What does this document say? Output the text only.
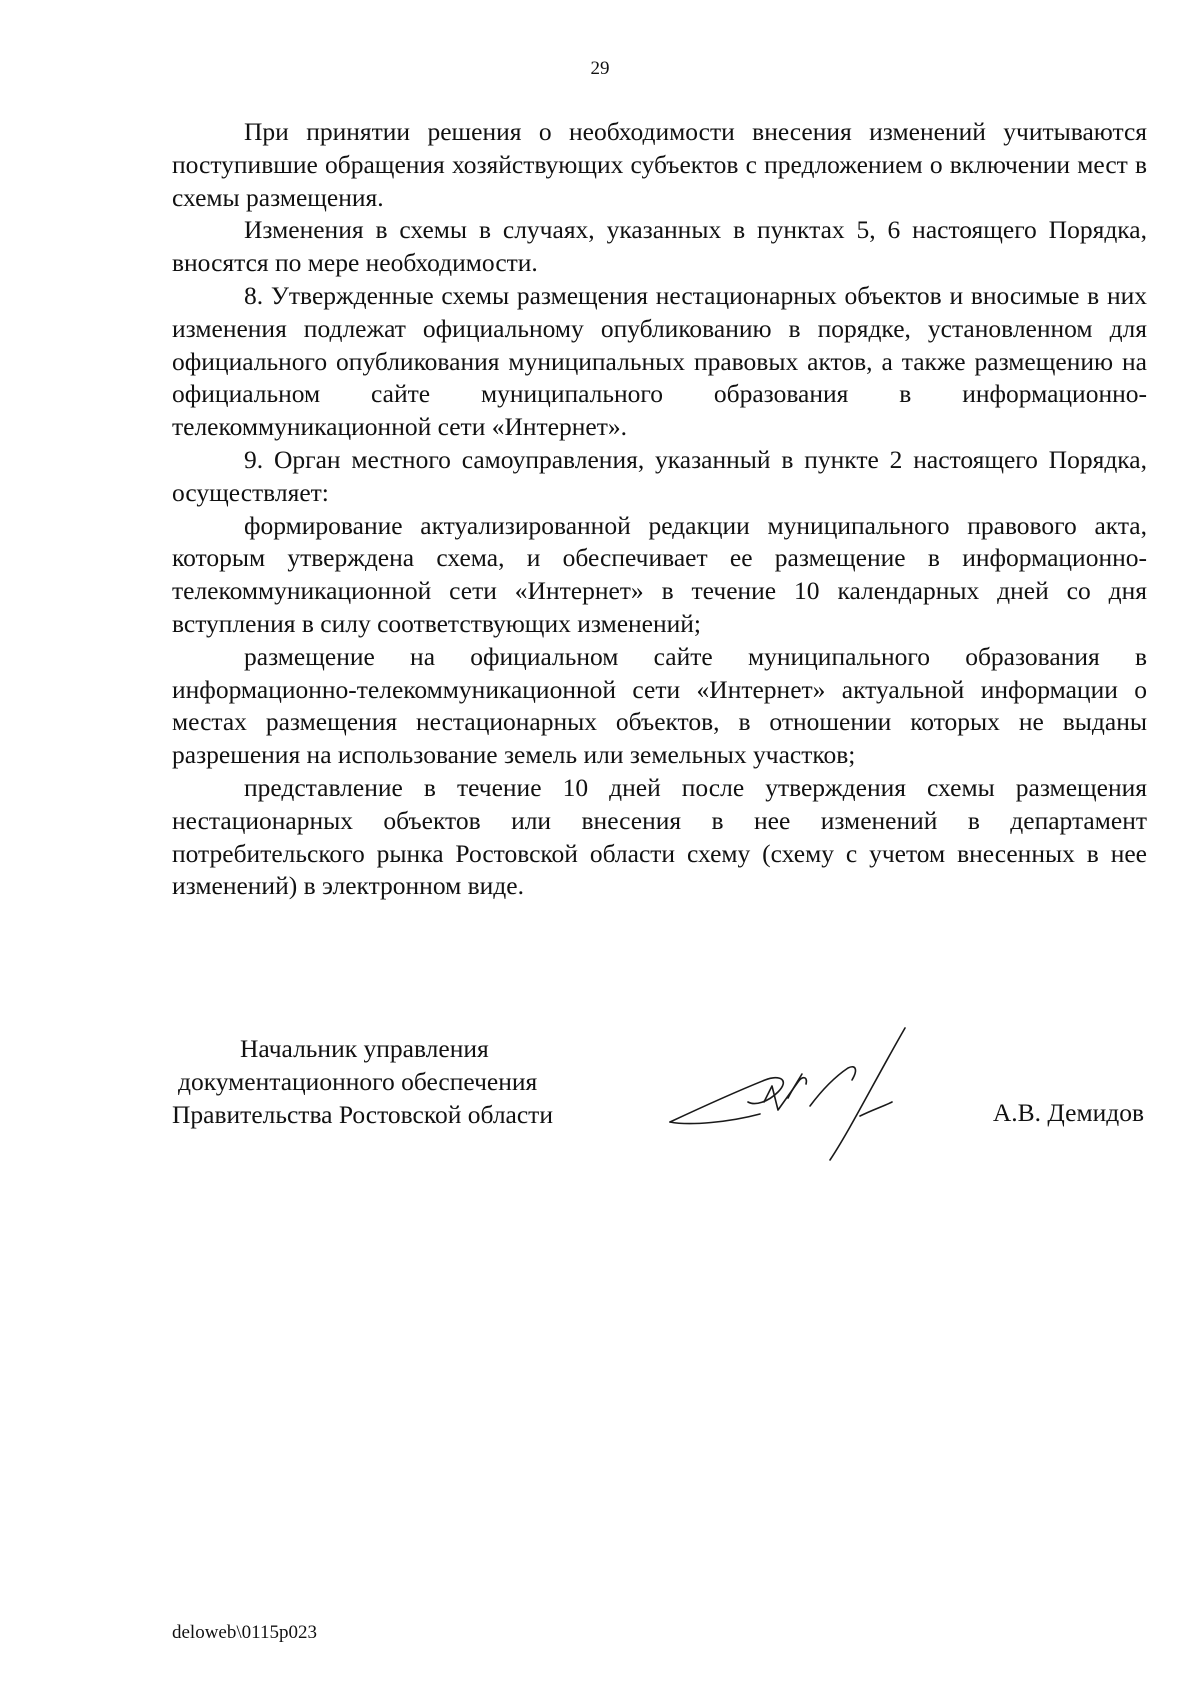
29

При принятии решения о необходимости внесения изменений учитываются поступившие обращения хозяйствующих субъектов с предложением о включении мест в схемы размещения.

Изменения в схемы в случаях, указанных в пунктах 5, 6 настоящего Порядка, вносятся по мере необходимости.

8. Утвержденные схемы размещения нестационарных объектов и вносимые в них изменения подлежат официальному опубликованию в порядке, установленном для официального опубликования муниципальных правовых актов, а также размещению на официальном сайте муниципального образования в информационно-телекоммуникационной сети «Интернет».

9. Орган местного самоуправления, указанный в пункте 2 настоящего Порядка, осуществляет:

формирование актуализированной редакции муниципального правового акта, которым утверждена схема, и обеспечивает ее размещение в информационно-телекоммуникационной сети «Интернет» в течение 10 календарных дней со дня вступления в силу соответствующих изменений;

размещение на официальном сайте муниципального образования в информационно-телекоммуникационной сети «Интернет» актуальной информации о местах размещения нестационарных объектов, в отношении которых не выданы разрешения на использование земель или земельных участков;

представление в течение 10 дней после утверждения схемы размещения нестационарных объектов или внесения в нее изменений в департамент потребительского рынка Ростовской области схему (схему с учетом внесенных в нее изменений) в электронном виде.

Начальник управления
документационного обеспечения
Правительства Ростовской области	А.В. Демидов
deloweb\0115p023
